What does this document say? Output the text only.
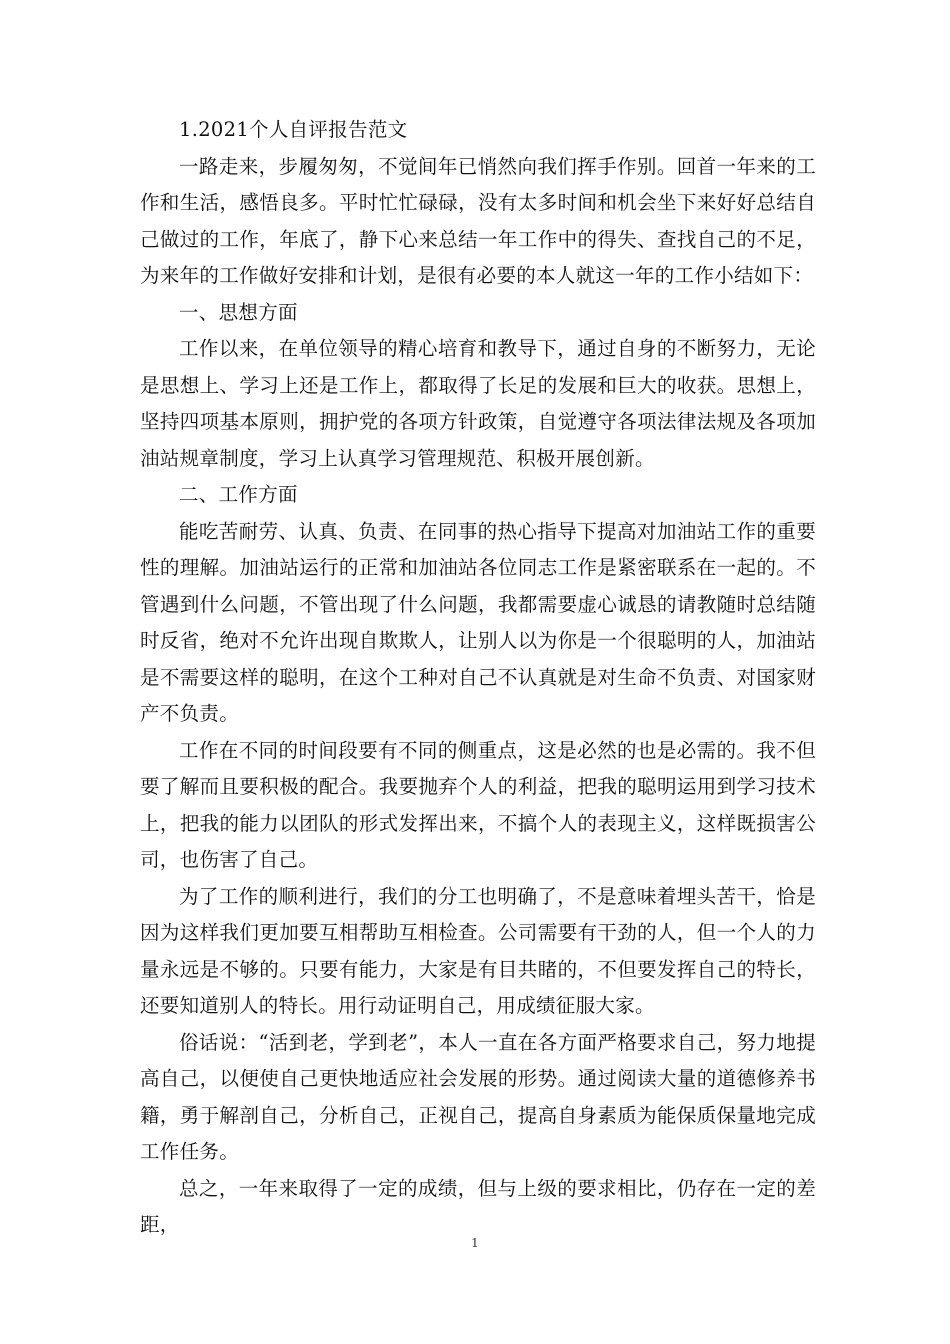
1.2021个人自评报告范文

一路走来，步履匆匆，不觉间年已悄然向我们挥手作别。回首一年来的工作和生活，感悟良多。平时忙忙碌碌，没有太多时间和机会坐下来好好总结自己做过的工作，年底了，静下心来总结一年工作中的得失、查找自己的不足，为来年的工作做好安排和计划，是很有必要的本人就这一年的工作小结如下：

一、思想方面

工作以来，在单位领导的精心培育和教导下，通过自身的不断努力，无论是思想上、学习上还是工作上，都取得了长足的发展和巨大的收获。思想上，坚持四项基本原则，拥护党的各项方针政策，自觉遵守各项法律法规及各项加油站规章制度，学习上认真学习管理规范、积极开展创新。

二、工作方面

能吃苦耐劳、认真、负责、在同事的热心指导下提高对加油站工作的重要性的理解。加油站运行的正常和加油站各位同志工作是紧密联系在一起的。不管遇到什么问题，不管出现了什么问题，我都需要虚心诚恳的请教随时总结随时反省，绝对不允许出现自欺欺人，让别人以为你是一个很聪明的人，加油站是不需要这样的聪明，在这个工种对自己不认真就是对生命不负责、对国家财产不负责。

工作在不同的时间段要有不同的侧重点，这是必然的也是必需的。我不但要了解而且要积极的配合。我要抛弃个人的利益，把我的聪明运用到学习技术上，把我的能力以团队的形式发挥出来，不搞个人的表现主义，这样既损害公司，也伤害了自己。

为了工作的顺利进行，我们的分工也明确了，不是意味着埋头苦干，恰是因为这样我们更加要互相帮助互相检查。公司需要有干劲的人，但一个人的力量永远是不够的。只要有能力，大家是有目共睹的，不但要发挥自己的特长，还要知道别人的特长。用行动证明自己，用成绩征服大家。

俗话说：“活到老，学到老”，本人一直在各方面严格要求自己，努力地提高自己，以便使自己更快地适应社会发展的形势。通过阅读大量的道德修养书籍，勇于解剖自己，分析自己，正视自己，提高自身素质为能保质保量地完成工作任务。

总之，一年来取得了一定的成绩，但与上级的要求相比，仍存在一定的差距，

1
